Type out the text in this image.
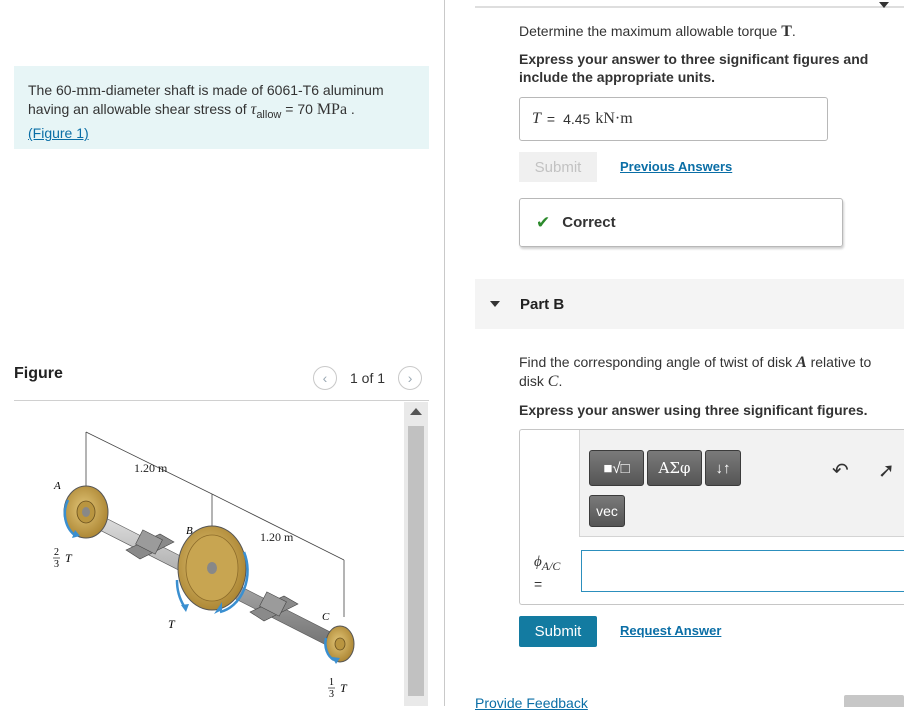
The 60-mm-diameter shaft is made of 6061-T6 aluminum having an allowable shear stress of $\tau_{allow} = 70$ MPa .
(Figure 1)
Figure	‹ 1 of 1 ›
1.20 m
1.20 m
A
B
C
2
3 T
T
1
3 T
Determine the maximum allowable torque T.
Express your answer to three significant figures and include the appropriate units.
T = 4.45 kN·m
Submit	Previous Answers
✔ Correct
Part B
Find the corresponding angle of twist of disk A relative to disk C.
Express your answer using three significant figures.
■√□	ΑΣφ	↓↑
vec
↶ ➚
$\phi_{A/C}$
=
Submit	Request Answer
Provide Feedback
